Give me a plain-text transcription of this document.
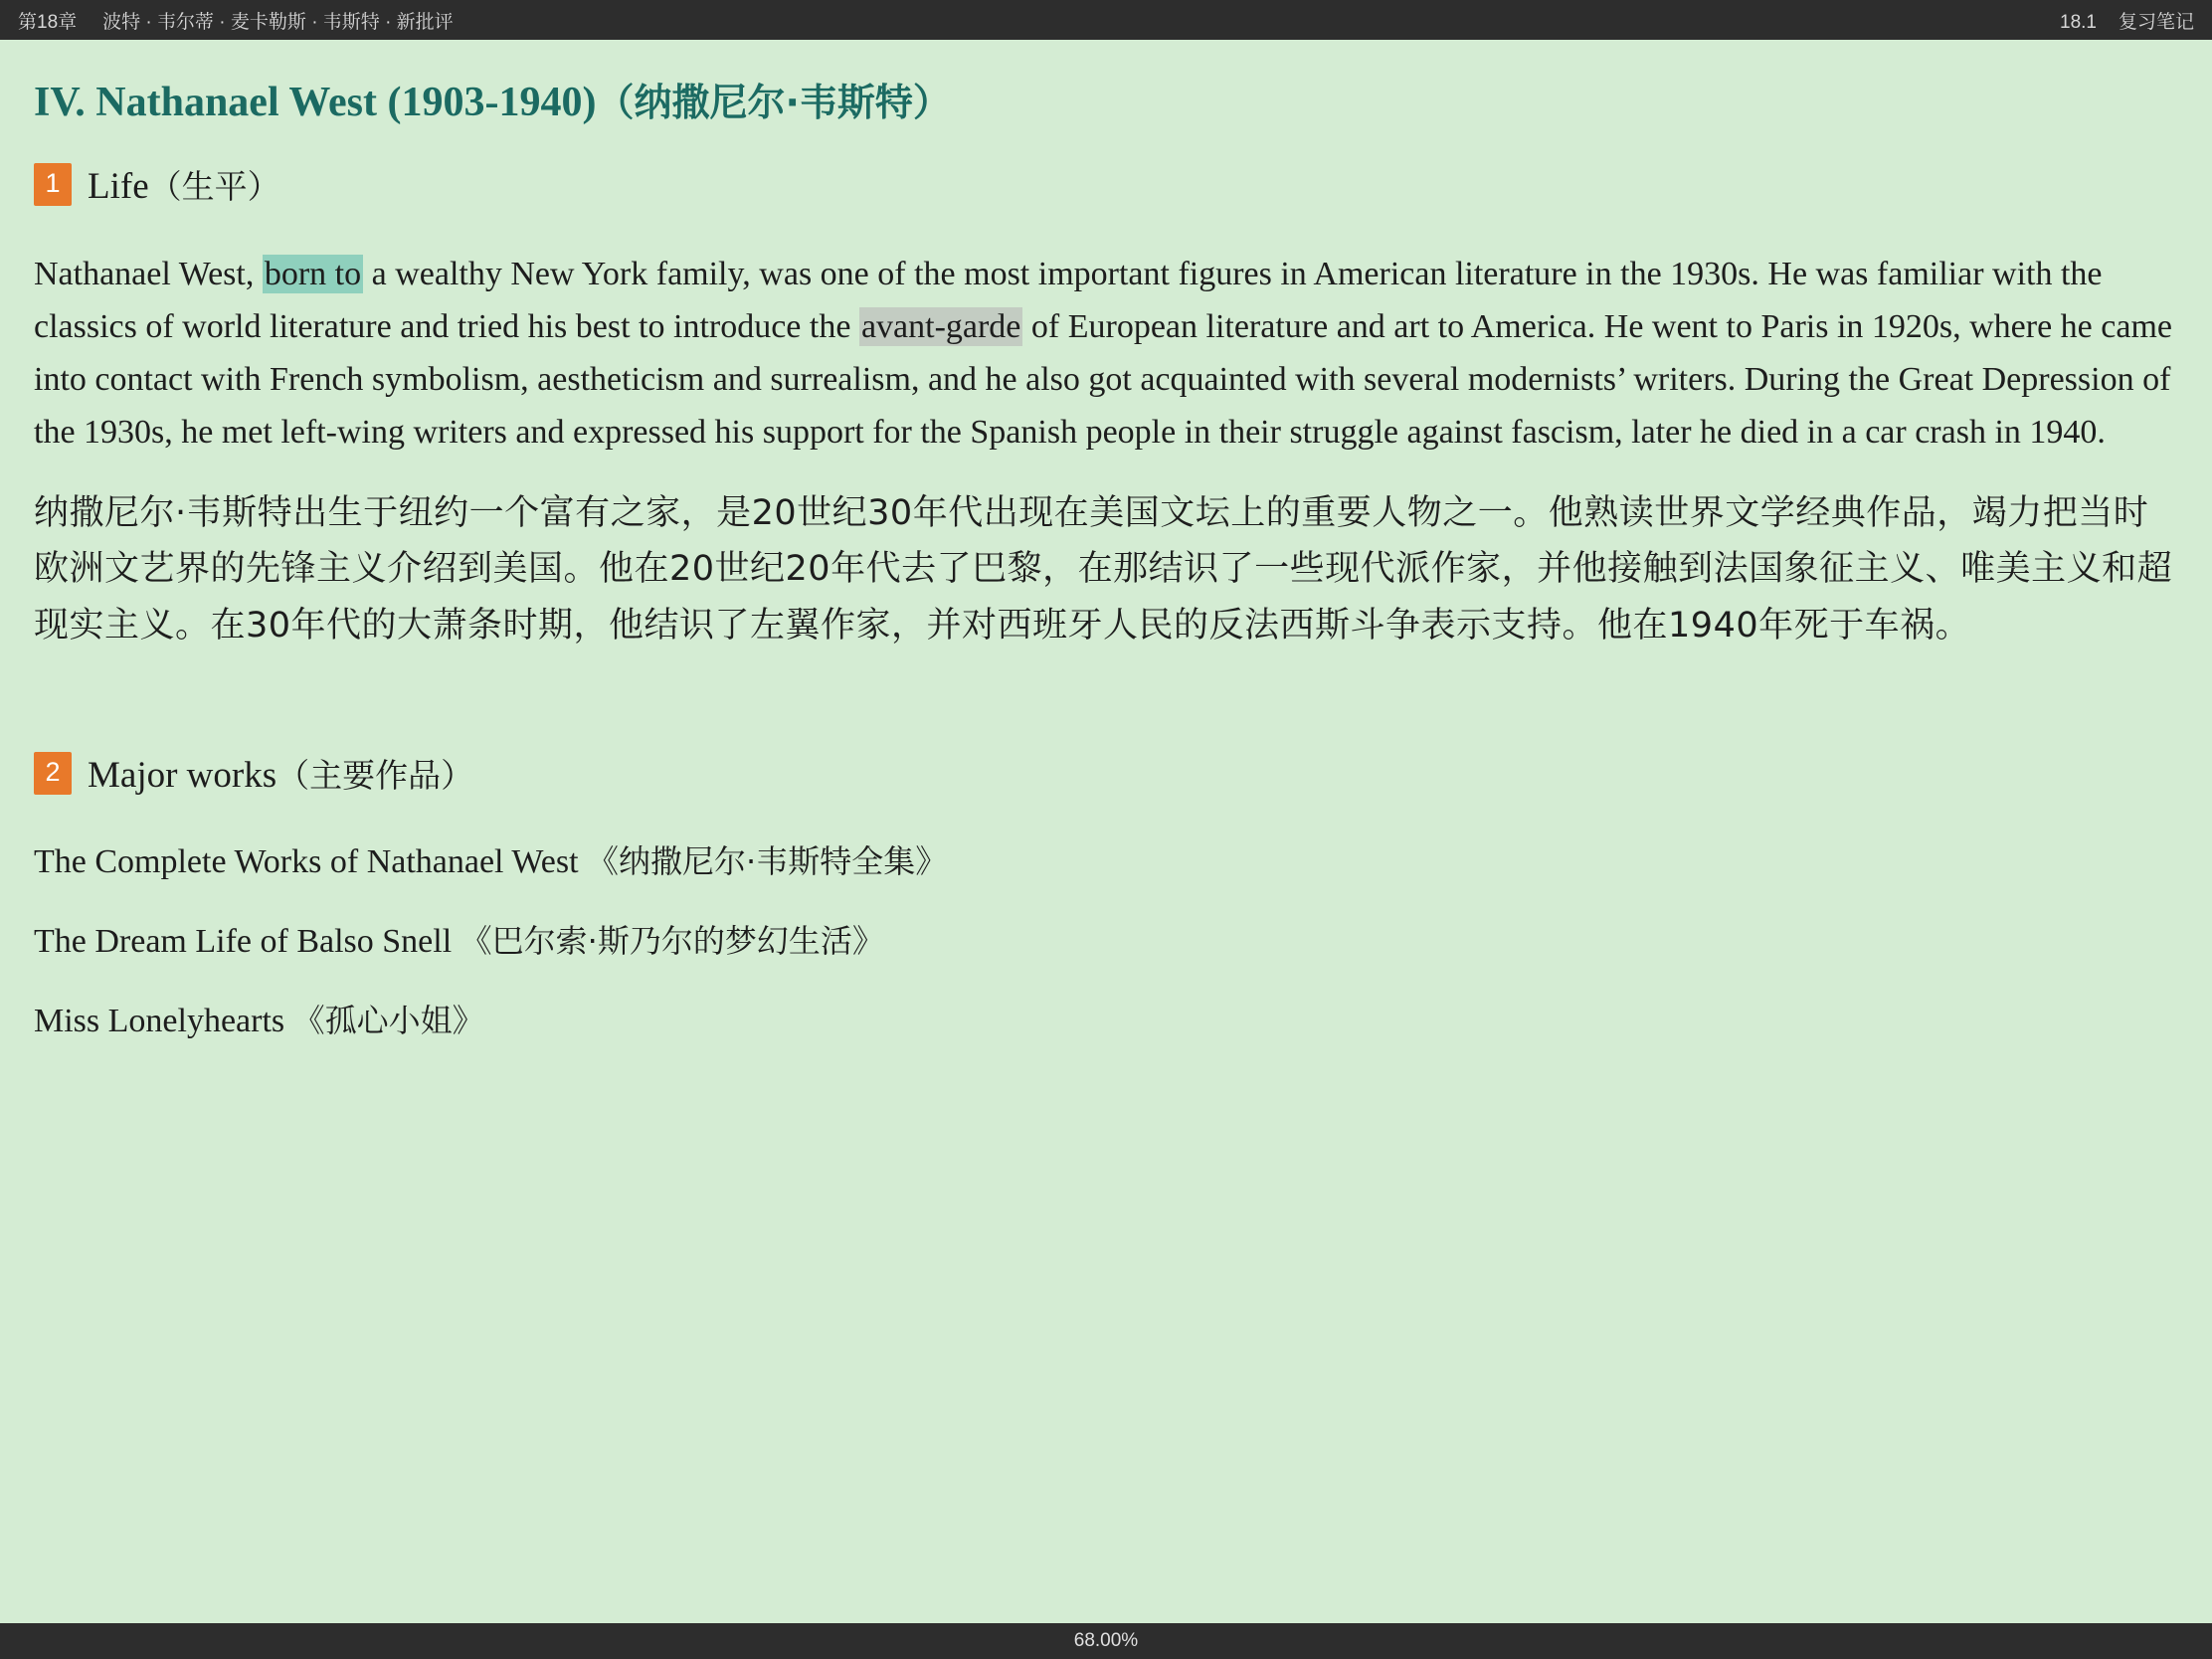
第18章 波特 · 韦尔蒂 · 麦卡勒斯 · 韦斯特 · 新批评	18.1 复习笔记
IV. Nathanael West (1903-1940)（纳撒尼尔·韦斯特）
1 Life（生平）

Nathanael West, born to a wealthy New York family, was one of the most important figures in American literature in the 1930s. He was familiar with the classics of world literature and tried his best to introduce the avant-garde of European literature and art to America. He went to Paris in 1920s, where he came into contact with French symbolism, aestheticism and surrealism, and he also got acquainted with several modernists’ writers. During the Great Depression of the 1930s, he met left-wing writers and expressed his support for the Spanish people in their struggle against fascism, later he died in a car crash in 1940.

纳撒尼尔·韦斯特出生于纽约一个富有之家，是20世纪30年代出现在美国文坛上的重要人物之一。他熟读世界文学经典作品，竭力把当时欧洲文艺界的先锋主义介绍到美国。他在20世纪20年代去了巴黎，在那结识了一些现代派作家，并他接触到法国象征主义、唯美主义和超现实主义。在30年代的大萧条时期，他结识了左翼作家，并对西班牙人民的反法西斯斗争表示支持。他在1940年死于车祸。

2 Major works（主要作品）

The Complete Works of Nathanael West 《纳撒尼尔·韦斯特全集》

The Dream Life of Balso Snell 《巴尔索·斯乃尔的梦幻生活》

Miss Lonelyhearts 《孤心小姐》

68.00%
